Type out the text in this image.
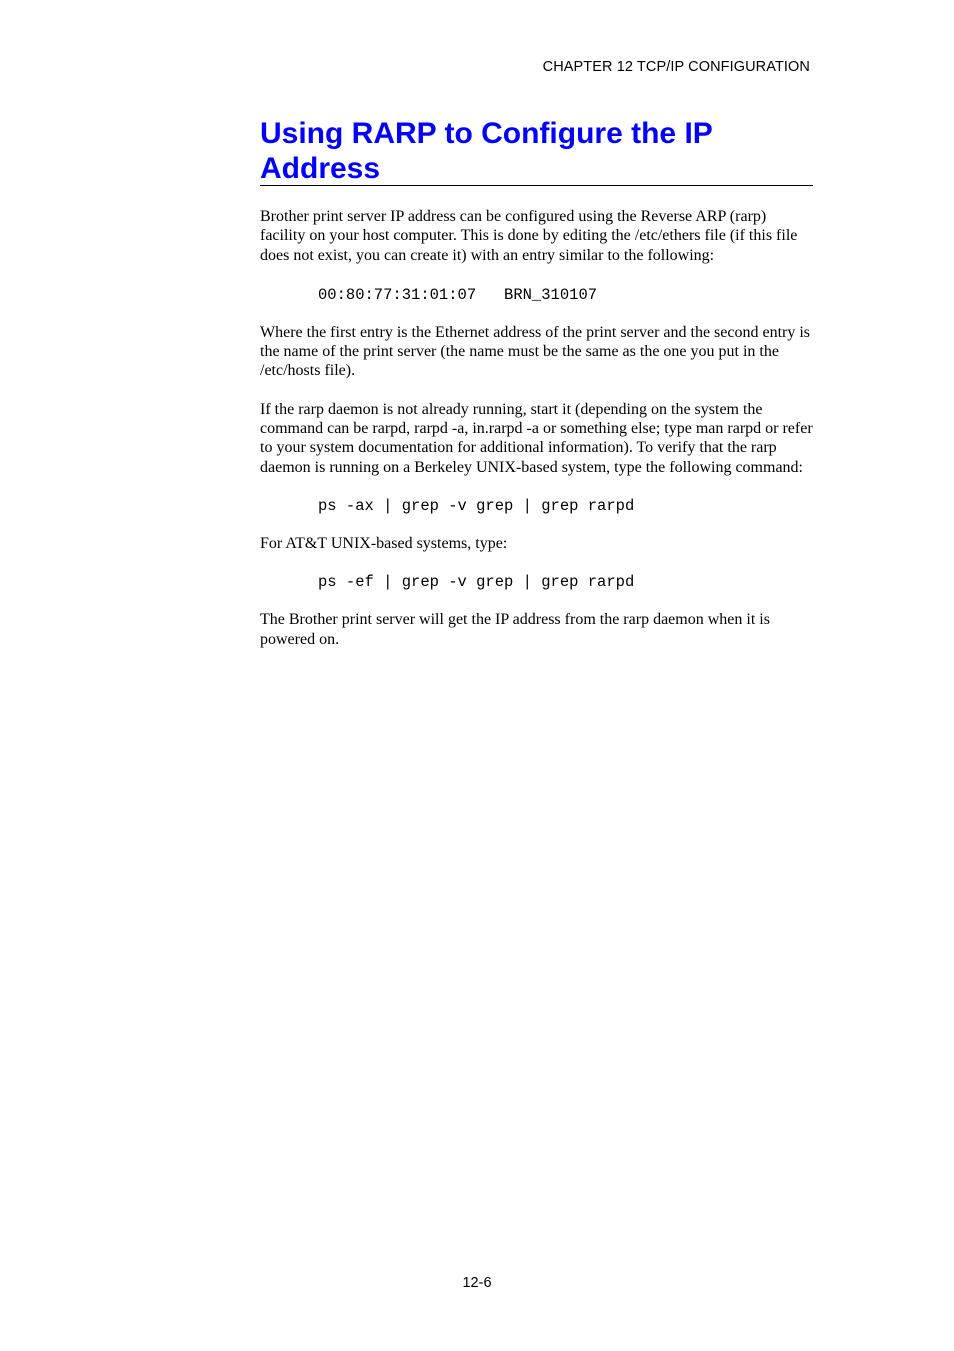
CHAPTER 12 TCP/IP CONFIGURATION
Using RARP to Configure the IP
Address

Brother print server IP address can be configured using the Reverse ARP (rarp) facility on your host computer. This is done by editing the /etc/ethers file (if this file does not exist, you can create it) with an entry similar to the following:

00:80:77:31:01:07   BRN_310107

Where the first entry is the Ethernet address of the print server and the second entry is the name of the print server (the name must be the same as the one you put in the /etc/hosts file).

If the rarp daemon is not already running, start it (depending on the system the command can be rarpd, rarpd -a, in.rarpd -a or something else; type man rarpd or refer to your system documentation for additional information). To verify that the rarp daemon is running on a Berkeley UNIX-based system, type the following command:

ps -ax | grep -v grep | grep rarpd

For AT&T UNIX-based systems, type:

ps -ef | grep -v grep | grep rarpd

The Brother print server will get the IP address from the rarp daemon when it is powered on.

12-6
